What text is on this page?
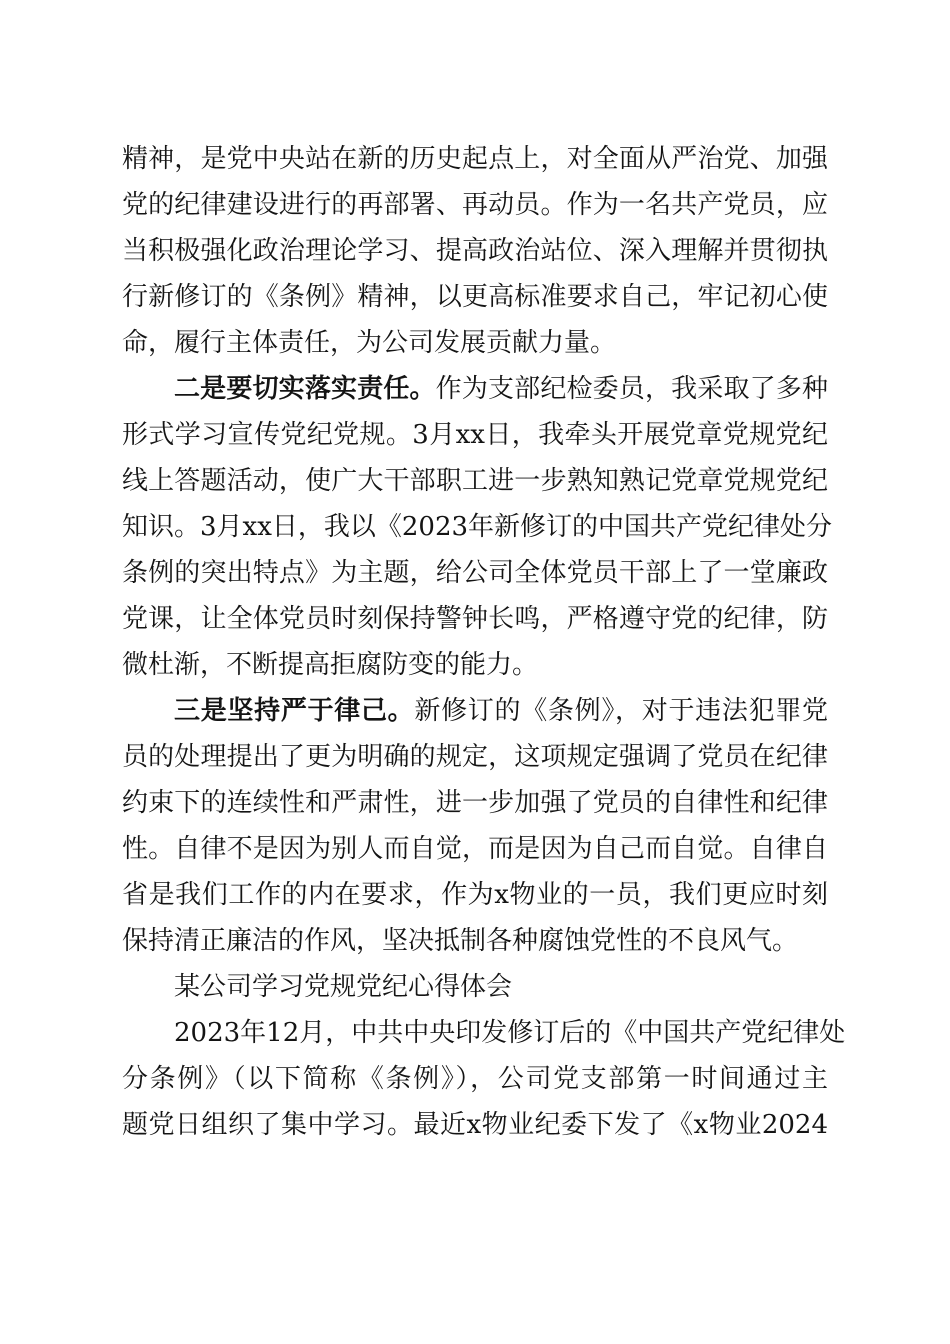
精神，是党中央站在新的历史起点上，对全面从严治党、加强
党的纪律建设进行的再部署、再动员。作为一名共产党员，应
当积极强化政治理论学习、提高政治站位、深入理解并贯彻执
行新修订的《条例》精神，以更高标准要求自己，牢记初心使
命，履行主体责任，为公司发展贡献力量。
二是要切实落实责任。作为支部纪检委员，我采取了多种
形式学习宣传党纪党规。3月xx日，我牵头开展党章党规党纪
线上答题活动，使广大干部职工进一步熟知熟记党章党规党纪
知识。3月xx日，我以《2023年新修订的中国共产党纪律处分
条例的突出特点》为主题，给公司全体党员干部上了一堂廉政
党课，让全体党员时刻保持警钟长鸣，严格遵守党的纪律，防
微杜渐，不断提高拒腐防变的能力。
三是坚持严于律己。新修订的《条例》，对于违法犯罪党
员的处理提出了更为明确的规定，这项规定强调了党员在纪律
约束下的连续性和严肃性，进一步加强了党员的自律性和纪律
性。自律不是因为别人而自觉，而是因为自己而自觉。自律自
省是我们工作的内在要求，作为x物业的一员，我们更应时刻
保持清正廉洁的作风，坚决抵制各种腐蚀党性的不良风气。
某公司学习党规党纪心得体会
2023年12月，中共中央印发修订后的《中国共产党纪律处
分条例》（以下简称《条例》），公司党支部第一时间通过主
题党日组织了集中学习。最近x物业纪委下发了《x物业2024
